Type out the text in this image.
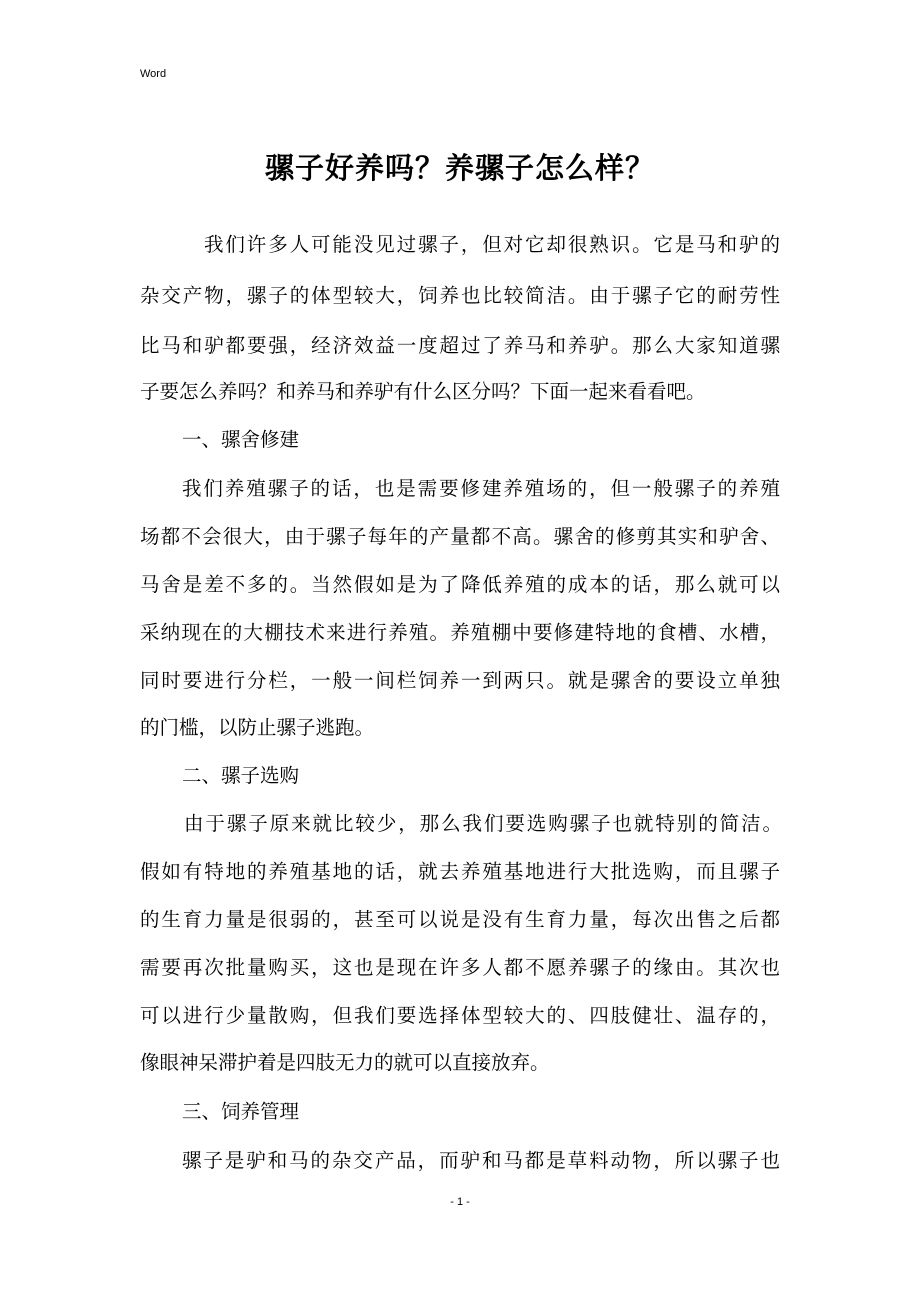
Word
骡子好养吗？养骡子怎么样？
我们许多人可能没见过骡子，但对它却很熟识。它是马和驴的
杂交产物，骡子的体型较大，饲养也比较简洁。由于骡子它的耐劳性
比马和驴都要强，经济效益一度超过了养马和养驴。那么大家知道骡
子要怎么养吗？和养马和养驴有什么区分吗？下面一起来看看吧。
一、骡舍修建
我们养殖骡子的话，也是需要修建养殖场的，但一般骡子的养殖
场都不会很大，由于骡子每年的产量都不高。骡舍的修剪其实和驴舍、
马舍是差不多的。当然假如是为了降低养殖的成本的话，那么就可以
采纳现在的大棚技术来进行养殖。养殖棚中要修建特地的食槽、水槽，
同时要进行分栏，一般一间栏饲养一到两只。就是骡舍的要设立单独
的门槛，以防止骡子逃跑。
二、骡子选购
由于骡子原来就比较少，那么我们要选购骡子也就特别的简洁。
假如有特地的养殖基地的话，就去养殖基地进行大批选购，而且骡子
的生育力量是很弱的，甚至可以说是没有生育力量，每次出售之后都
需要再次批量购买，这也是现在许多人都不愿养骡子的缘由。其次也
可以进行少量散购，但我们要选择体型较大的、四肢健壮、温存的，
像眼神呆滞护着是四肢无力的就可以直接放弃。
三、饲养管理
骡子是驴和马的杂交产品，而驴和马都是草料动物，所以骡子也
- 1 -
